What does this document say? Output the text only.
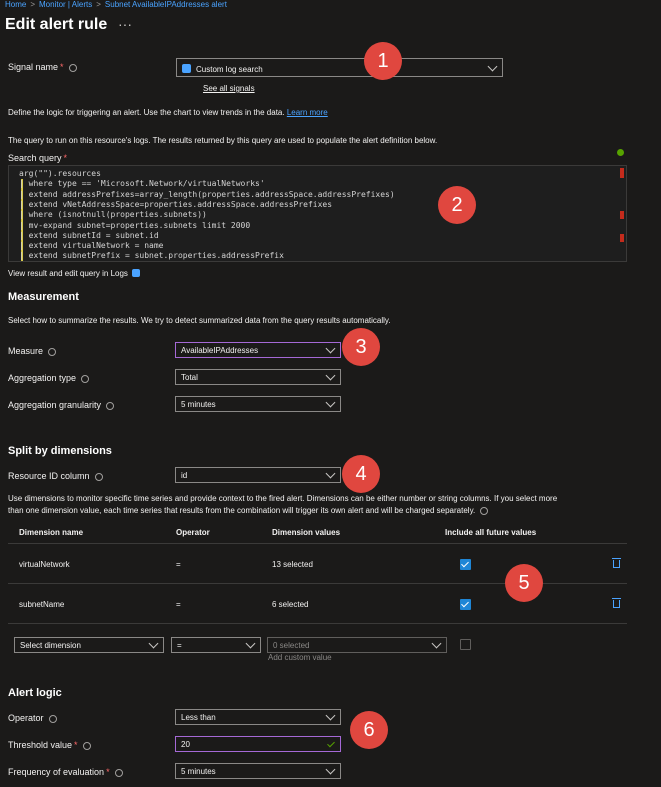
Home > Monitor | Alerts > Subnet AvailableIPAddresses alert
Edit alert rule ···
Signal name *	Custom log search
See all signals
Define the logic for triggering an alert. Use the chart to view trends in the data. Learn more
The query to run on this resource's logs. The results returned by this query are used to populate the alert definition below.
Search query *
arg("").resources
| where type == 'Microsoft.Network/virtualNetworks'
| extend addressPrefixes=array_length(properties.addressSpace.addressPrefixes)
| extend vNetAddressSpace=properties.addressSpace.addressPrefixes
| where (isnotnull(properties.subnets))
| mv-expand subnet=properties.subnets limit 2000
| extend subnetId = subnet.id
| extend virtualNetwork = name
| extend subnetPrefix = subnet.properties.addressPrefix
View result and edit query in Logs
Measurement
Select how to summarize the results. We try to detect summarized data from the query results automatically.
Measure	AvailableIPAddresses
Aggregation type	Total
Aggregation granularity	5 minutes
Split by dimensions
Resource ID column	id
Use dimensions to monitor specific time series and provide context to the fired alert. Dimensions can be either number or string columns. If you select more
than one dimension value, each time series that results from the combination will trigger its own alert and will be charged separately.
Dimension name	Operator	Dimension values	Include all future values
virtualNetwork	=	13 selected
subnetName	=	6 selected
Select dimension	=	0 selected
Add custom value
Alert logic
Operator	Less than
Threshold value *	20
Frequency of evaluation *	5 minutes
1
2
3
4
5
6
